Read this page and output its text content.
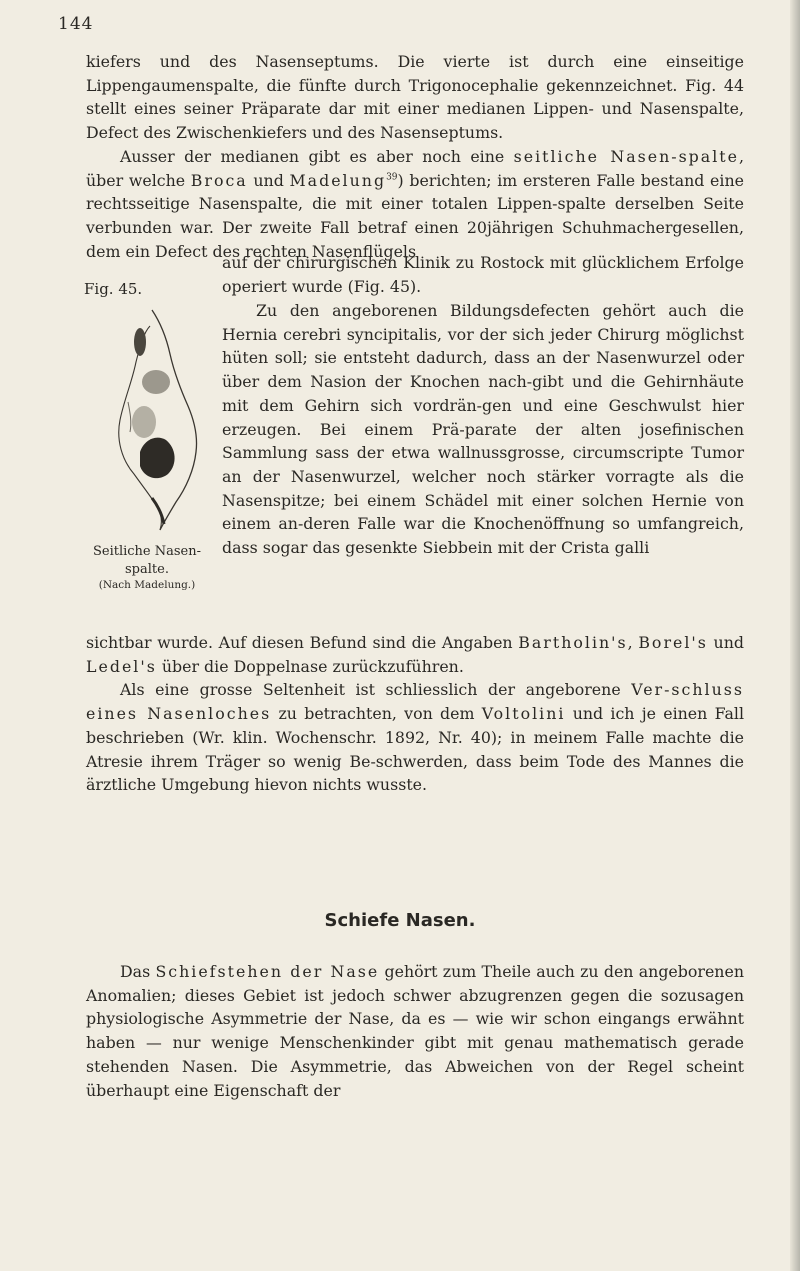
144

kiefers und des Nasenseptums. Die vierte ist durch eine einseitige Lippengaumenspalte, die fünfte durch Trigonocephalie gekennzeichnet. Fig. 44 stellt eines seiner Präparate dar mit einer medianen Lippen- und Nasenspalte, Defect des Zwischenkiefers und des Nasenseptums.

Ausser der medianen gibt es aber noch eine seitliche Nasen-spalte, über welche Broca und Madelung$^{39}$) berichten; im ersteren Falle bestand eine rechtsseitige Nasenspalte, die mit einer totalen Lippen-spalte derselben Seite verbunden war. Der zweite Fall betraf einen 20jährigen Schuhmachergesellen, dem ein Defect des rechten Nasenflügels

Fig. 45.
Seitliche Nasen-spalte.
(Nach Madelung.)

auf der chirurgischen Klinik zu Rostock mit glücklichem Erfolge operiert wurde (Fig. 45).

Zu den angeborenen Bildungsdefecten gehört auch die Hernia cerebri syncipitalis, vor der sich jeder Chirurg möglichst hüten soll; sie entsteht dadurch, dass an der Nasenwurzel oder über dem Nasion der Knochen nach-gibt und die Gehirnhäute mit dem Gehirn sich vordrän-gen und eine Geschwulst hier erzeugen. Bei einem Prä-parate der alten josefinischen Sammlung sass der etwa wallnussgrosse, circumscripte Tumor an der Nasenwurzel, welcher noch stärker vorragte als die Nasenspitze; bei einem Schädel mit einer solchen Hernie von einem an-deren Falle war die Knochenöffnung so umfangreich, dass sogar das gesenkte Siebbein mit der Crista galli

sichtbar wurde. Auf diesen Befund sind die Angaben Bartholin's, Borel's und Ledel's über die Doppelnase zurückzuführen.

Als eine grosse Seltenheit ist schliesslich der angeborene Ver-schluss eines Nasenloches zu betrachten, von dem Voltolini und ich je einen Fall beschrieben (Wr. klin. Wochenschr. 1892, Nr. 40); in meinem Falle machte die Atresie ihrem Träger so wenig Be-schwerden, dass beim Tode des Mannes die ärztliche Umgebung hievon nichts wusste.

Schiefe Nasen.

Das Schiefstehen der Nase gehört zum Theile auch zu den angeborenen Anomalien; dieses Gebiet ist jedoch schwer abzugrenzen gegen die sozusagen physiologische Asymmetrie der Nase, da es — wie wir schon eingangs erwähnt haben — nur wenige Menschenkinder gibt mit genau mathematisch gerade stehenden Nasen. Die Asymmetrie, das Abweichen von der Regel scheint überhaupt eine Eigenschaft der
